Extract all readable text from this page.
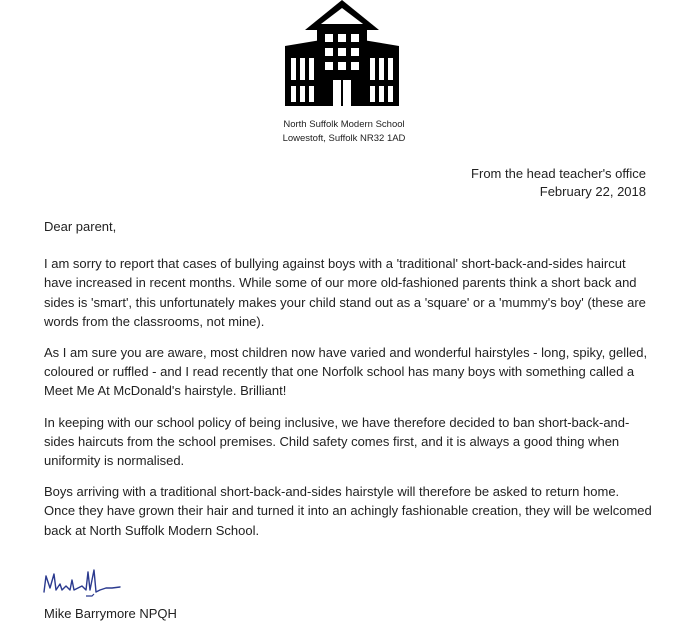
North Suffolk Modern School
Lowestoft, Suffolk NR32 1AD
From the head teacher's office
February 22, 2018

Dear parent,

I am sorry to report that cases of bullying against boys with a 'traditional' short-back-and-sides haircut have increased in recent months. While some of our more old-fashioned parents think a short back and sides is 'smart', this unfortunately makes your child stand out as a 'square' or a 'mummy's boy' (these are words from the classrooms, not mine).

As I am sure you are aware, most children now have varied and wonderful hairstyles - long, spiky, gelled, coloured or ruffled - and I read recently that one Norfolk school has many boys with something called a Meet Me At McDonald's hairstyle. Brilliant!

In keeping with our school policy of being inclusive, we have therefore decided to ban short-back-and-sides haircuts from the school premises. Child safety comes first, and it is always a good thing when uniformity is normalised.

Boys arriving with a traditional short-back-and-sides hairstyle will therefore be asked to return home. Once they have grown their hair and turned it into an achingly fashionable creation, they will be welcomed back at North Suffolk Modern School.

Mike Barrymore NPQH
